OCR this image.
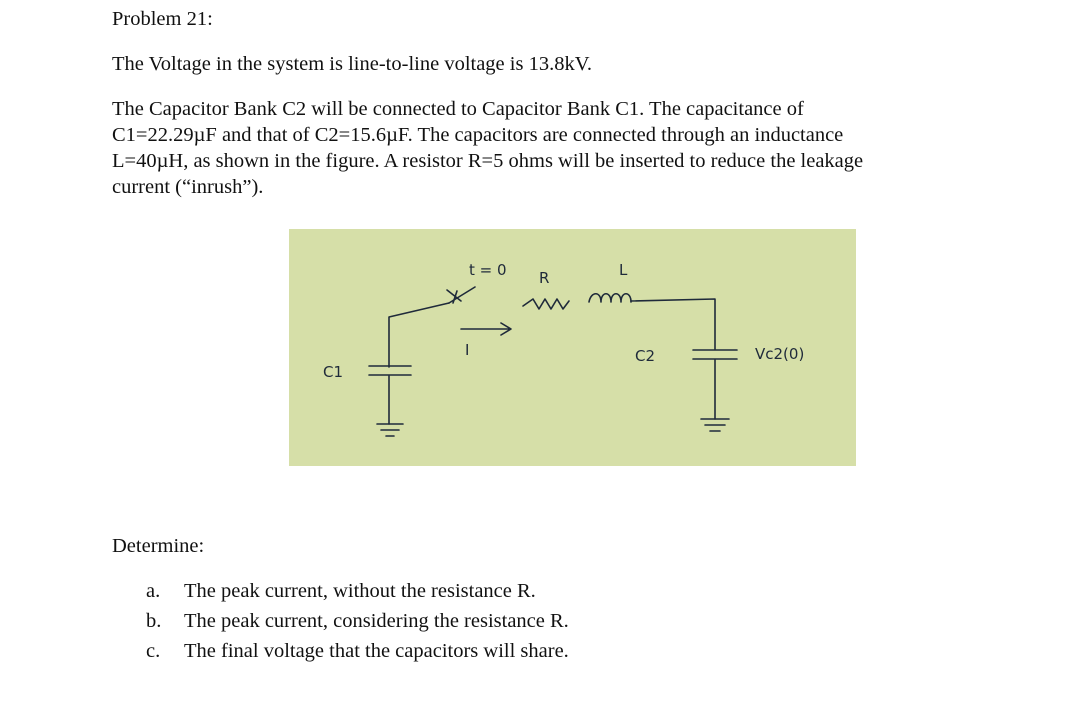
Problem 21:

The Voltage in the system is line-to-line voltage is 13.8kV.

The Capacitor Bank C2 will be connected to Capacitor Bank C1. The capacitance of
C1=22.29µF and that of C2=15.6µF. The capacitors are connected through an inductance
L=40µH, as shown in the figure. A resistor R=5 ohms will be inserted to reduce the leakage
current (“inrush”).

t = 0 R	L
I
C1
C2	Vc2(0)
Determine:
a. The peak current, without the resistance R.
b. The peak current, considering the resistance R.
c. The final voltage that the capacitors will share.
